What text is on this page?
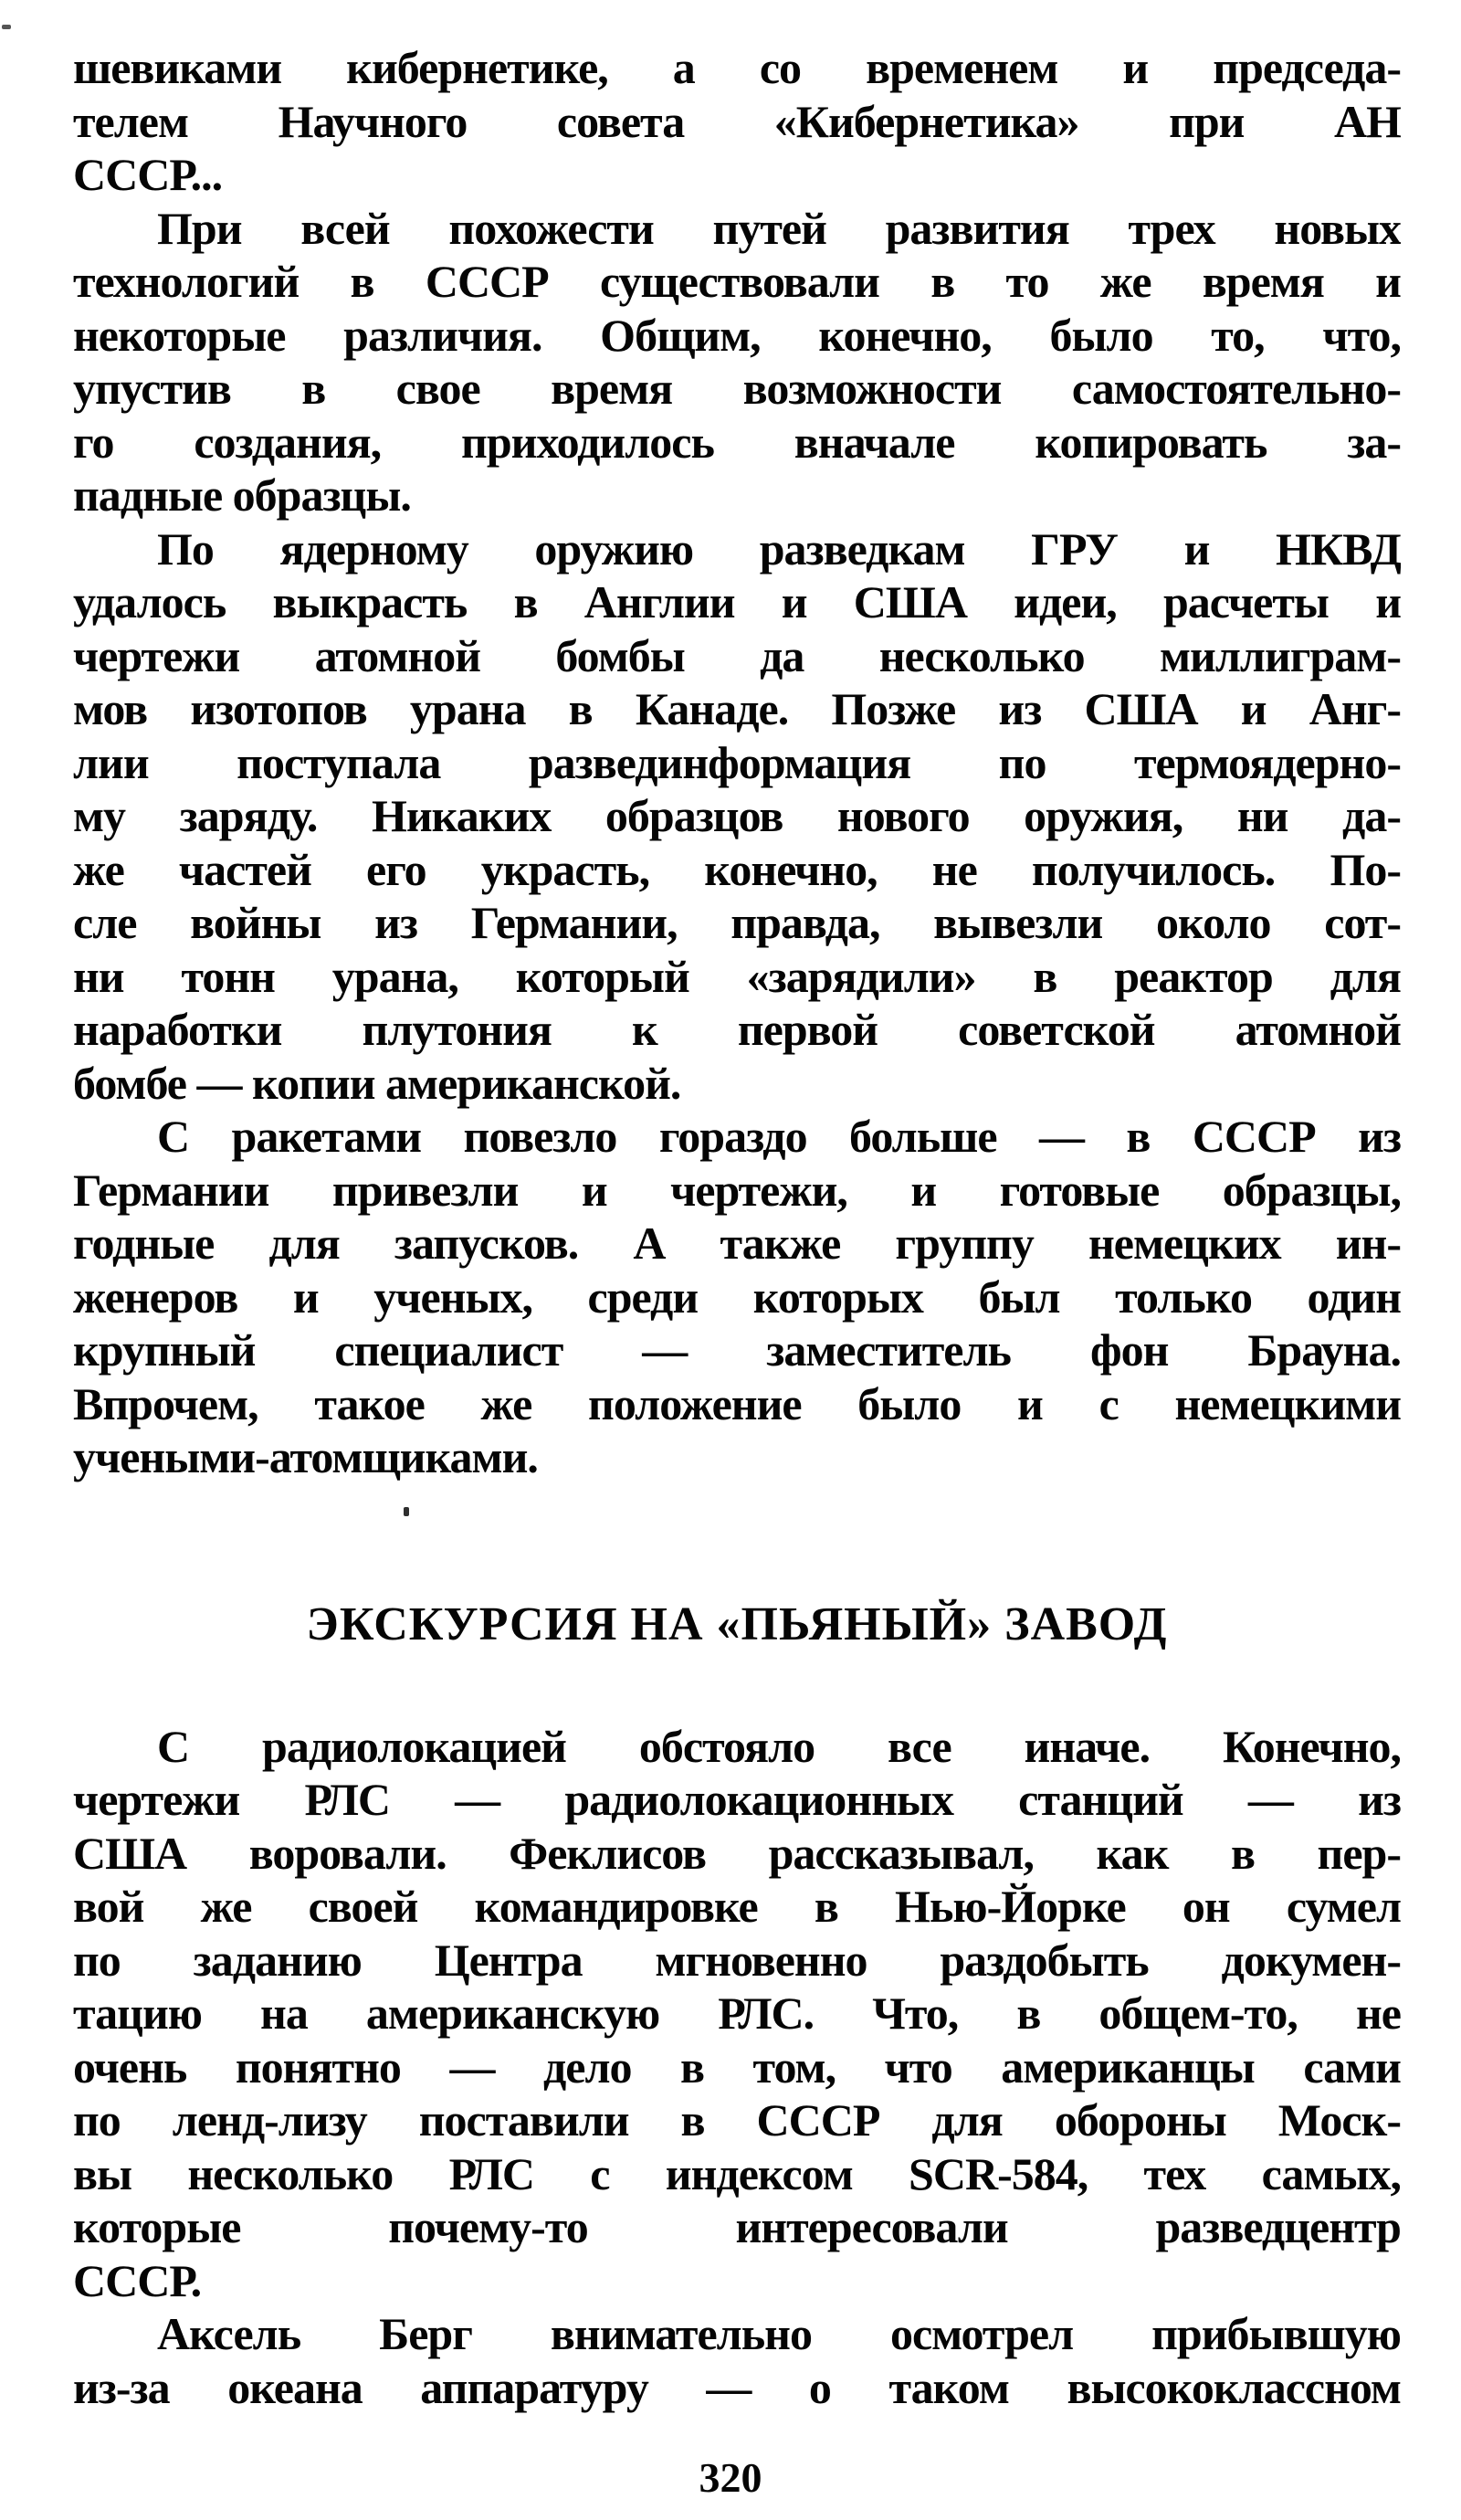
шевиками кибернетике, а со временем и председа-
телем Научного совета «Кибернетика» при АН
СССР...
При всей похожести путей развития трех новых
технологий в СССР существовали в то же время и
некоторые различия. Общим, конечно, было то, что,
упустив в свое время возможности самостоятельно-
го создания, приходилось вначале копировать за-
падные образцы.
По ядерному оружию разведкам ГРУ и НКВД
удалось выкрасть в Англии и США идеи, расчеты и
чертежи атомной бомбы да несколько миллиграм-
мов изотопов урана в Канаде. Позже из США и Анг-
лии поступала развединформация по термоядерно-
му заряду. Никаких образцов нового оружия, ни да-
же частей его украсть, конечно, не получилось. По-
сле войны из Германии, правда, вывезли около сот-
ни тонн урана, который «зарядили» в реактор для
наработки плутония к первой советской атомной
бомбе — копии американской.
С ракетами повезло гораздо больше — в СССР из
Германии привезли и чертежи, и готовые образцы,
годные для запусков. А также группу немецких ин-
женеров и ученых, среди которых был только один
крупный специалист — заместитель фон Брауна.
Впрочем, такое же положение было и с немецкими
учеными-атомщиками.
ЭКСКУРСИЯ НА «ПЬЯНЫЙ» ЗАВОД
С радиолокацией обстояло все иначе. Конечно,
чертежи РЛС — радиолокационных станций — из
США воровали. Феклисов рассказывал, как в пер-
вой же своей командировке в Нью-Йорке он сумел
по заданию Центра мгновенно раздобыть докумен-
тацию на американскую РЛС. Что, в общем-то, не
очень понятно — дело в том, что американцы сами
по ленд-лизу поставили в СССР для обороны Моск-
вы несколько РЛС с индексом SCR-584, тех самых,
которые почему-то интересовали разведцентр
СССР.
Аксель Берг внимательно осмотрел прибывшую
из-за океана аппаратуру — о таком высококлассном
320
